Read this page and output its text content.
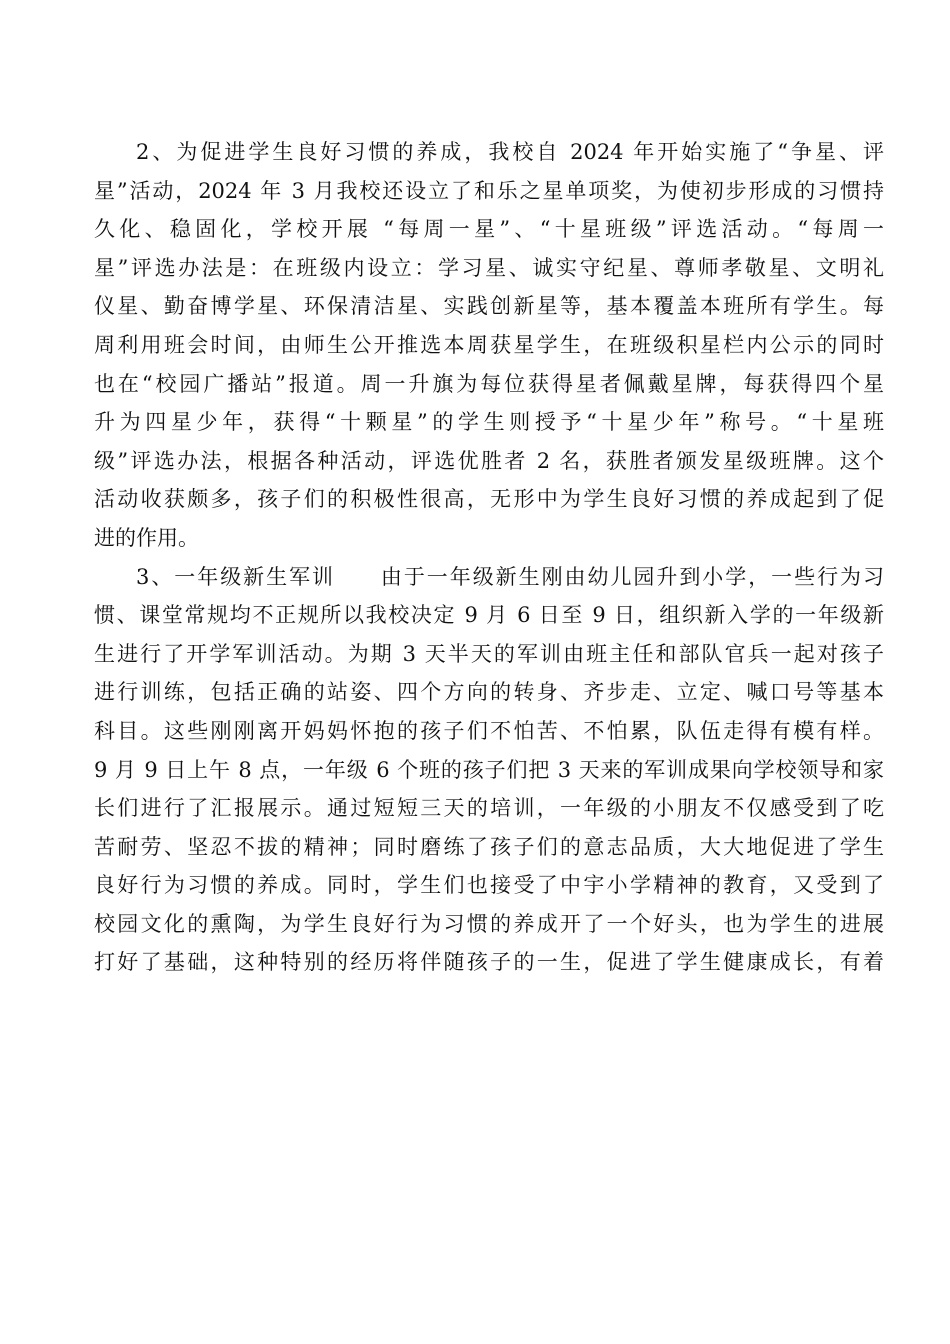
2、为促进学生良好习惯的养成，我校自 2024 年开始实施了“争星、评
星”活动，2024 年 3 月我校还设立了和乐之星单项奖，为使初步形成的习惯持
久化、稳固化，学校开展 “每周一星”、“十星班级”评选活动。“每周一
星”评选办法是：在班级内设立：学习星、诚实守纪星、尊师孝敬星、文明礼
仪星、勤奋博学星、环保清洁星、实践创新星等，基本覆盖本班所有学生。每
周利用班会时间，由师生公开推选本周获星学生，在班级积星栏内公示的同时
也在“校园广播站”报道。周一升旗为每位获得星者佩戴星牌，每获得四个星
升为四星少年，获得“十颗星”的学生则授予“十星少年”称号。“十星班
级”评选办法，根据各种活动，评选优胜者 2 名，获胜者颁发星级班牌。这个
活动收获颇多，孩子们的积极性很高，无形中为学生良好习惯的养成起到了促
进的作用。
3、一年级新生军训　　由于一年级新生刚由幼儿园升到小学，一些行为习
惯、课堂常规均不正规所以我校决定 9 月 6 日至 9 日，组织新入学的一年级新
生进行了开学军训活动。为期 3 天半天的军训由班主任和部队官兵一起对孩子
进行训练，包括正确的站姿、四个方向的转身、齐步走、立定、喊口号等基本
科目。这些刚刚离开妈妈怀抱的孩子们不怕苦、不怕累，队伍走得有模有样。
9 月 9 日上午 8 点，一年级 6 个班的孩子们把 3 天来的军训成果向学校领导和家
长们进行了汇报展示。通过短短三天的培训，一年级的小朋友不仅感受到了吃
苦耐劳、坚忍不拔的精神；同时磨练了孩子们的意志品质，大大地促进了学生
良好行为习惯的养成。同时，学生们也接受了中宇小学精神的教育，又受到了
校园文化的熏陶，为学生良好行为习惯的养成开了一个好头，也为学生的进展
打好了基础，这种特别的经历将伴随孩子的一生，促进了学生健康成长，有着
